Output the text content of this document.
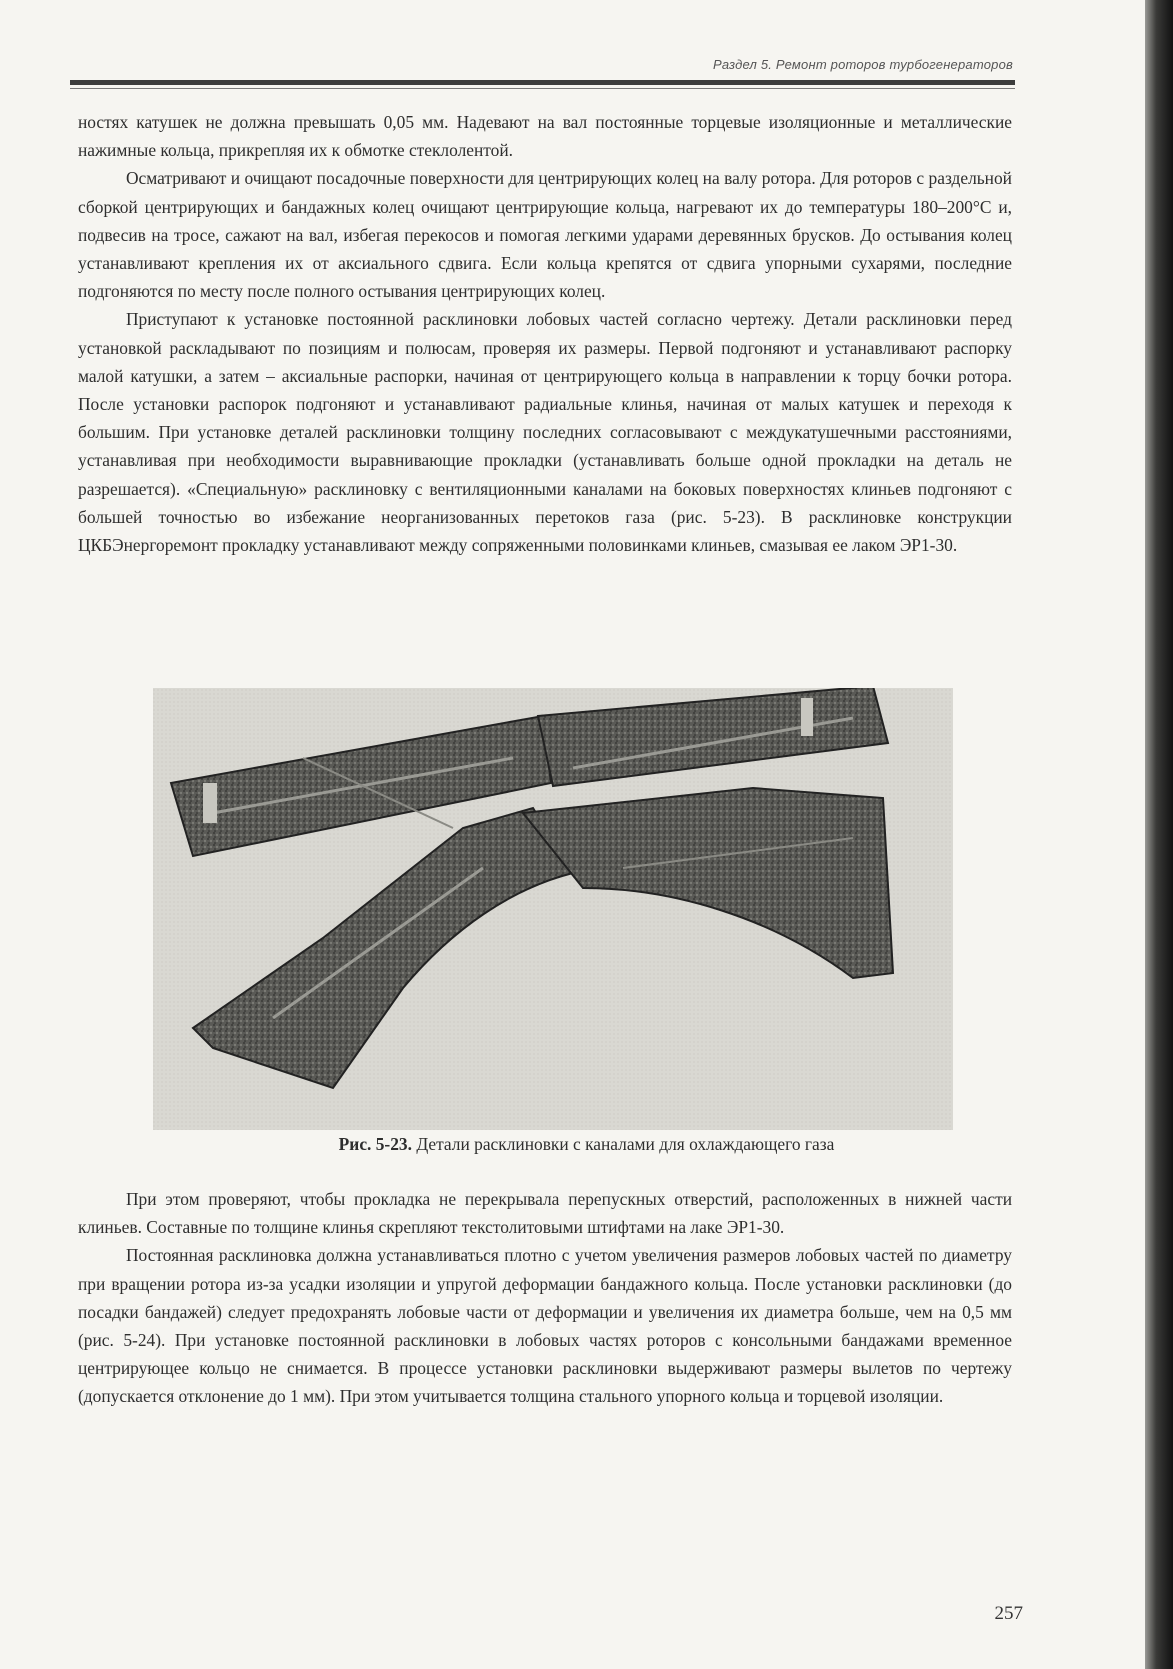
Раздел 5. Ремонт роторов турбогенераторов

ностях катушек не должна превышать 0,05 мм. Надевают на вал постоянные торцевые изоляционные и металлические нажимные кольца, прикрепляя их к обмотке стеклолентой.

Осматривают и очищают посадочные поверхности для центрирующих колец на валу ротора. Для роторов с раздельной сборкой центрирующих и бандажных колец очищают центрирующие кольца, нагревают их до температуры 180–200°С и, подвесив на тросе, сажают на вал, избегая перекосов и помогая легкими ударами деревянных брусков. До остывания колец устанавливают крепления их от аксиального сдвига. Если кольца крепятся от сдвига упорными сухарями, последние подгоняются по месту после полного остывания центрирующих колец.

Приступают к установке постоянной расклиновки лобовых частей согласно чертежу. Детали расклиновки перед установкой раскладывают по позициям и полюсам, проверяя их размеры. Первой подгоняют и устанавливают распорку малой катушки, а затем – аксиальные распорки, начиная от центрирующего кольца в направлении к торцу бочки ротора. После установки распорок подгоняют и устанавливают радиальные клинья, начиная от малых катушек и переходя к большим. При установке деталей расклиновки толщину последних согласовывают с междукатушечными расстояниями, устанавливая при необходимости выравнивающие прокладки (устанавливать больше одной прокладки на деталь не разрешается). «Специальную» расклиновку с вентиляционными каналами на боковых поверхностях клиньев подгоняют с большей точностью во избежание неорганизованных перетоков газа (рис. 5-23). В расклиновке конструкции ЦКБЭнергоремонт прокладку устанавливают между сопряженными половинками клиньев, смазывая ее лаком ЭР1-30.

Рис. 5-23. Детали расклиновки с каналами для охлаждающего газа

При этом проверяют, чтобы прокладка не перекрывала перепускных отверстий, расположенных в нижней части клиньев. Составные по толщине клинья скрепляют текстолитовыми штифтами на лаке ЭР1-30.

Постоянная расклиновка должна устанавливаться плотно с учетом увеличения размеров лобовых частей по диаметру при вращении ротора из-за усадки изоляции и упругой деформации бандажного кольца. После установки расклиновки (до посадки бандажей) следует предохранять лобовые части от деформации и увеличения их диаметра больше, чем на 0,5 мм (рис. 5-24). При установке постоянной расклиновки в лобовых частях роторов с консольными бандажами временное центрирующее кольцо не снимается. В процессе установки расклиновки выдерживают размеры вылетов по чертежу (допускается отклонение до 1 мм). При этом учитывается толщина стального упорного кольца и торцевой изоляции.

257
